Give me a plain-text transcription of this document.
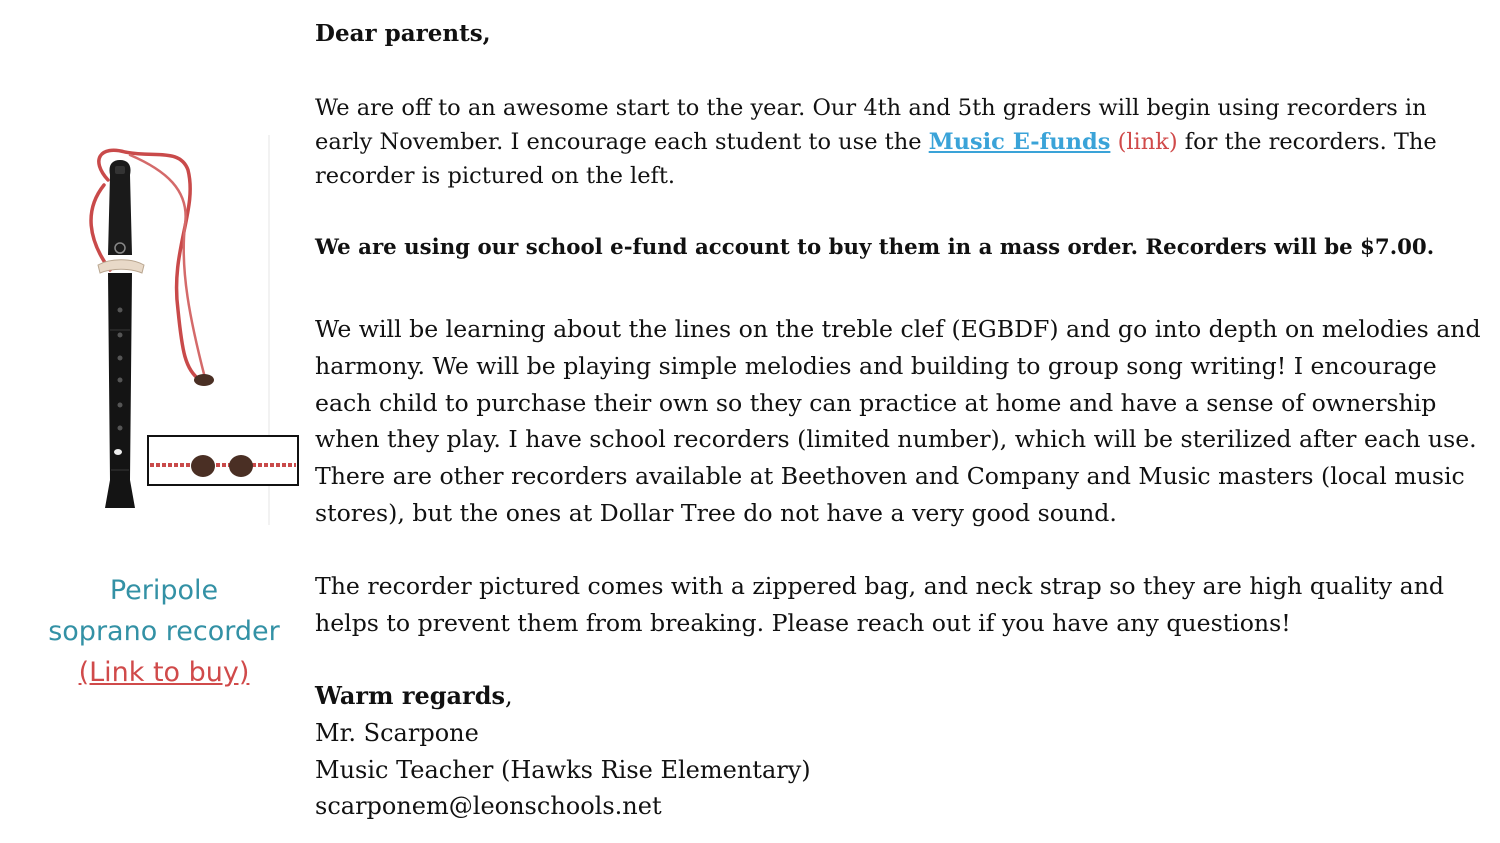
Peripole
soprano recorder
(Link to buy)
Dear parents,
We are off to an awesome start to the year. Our 4th and 5th graders will begin using recorders in early November. I encourage each student to use the Music E-funds (link) for the recorders. The recorder is pictured on the left.
We are using our school e-fund account to buy them in a mass order. Recorders will be $7.00.
We will be learning about the lines on the treble clef (EGBDF) and go into depth on melodies and harmony. We will be playing simple melodies and building to group song writing! I encourage each child to purchase their own so they can practice at home and have a sense of ownership when they play. I have school recorders (limited number), which will be sterilized after each use. There are other recorders available at Beethoven and Company and Music masters (local music stores), but the ones at Dollar Tree do not have a very good sound.
The recorder pictured comes with a zippered bag, and neck strap so they are high quality and helps to prevent them from breaking. Please reach out if you have any questions!
Warm regards,
Mr. Scarpone
Music Teacher (Hawks Rise Elementary)
scarponem@leonschools.net
